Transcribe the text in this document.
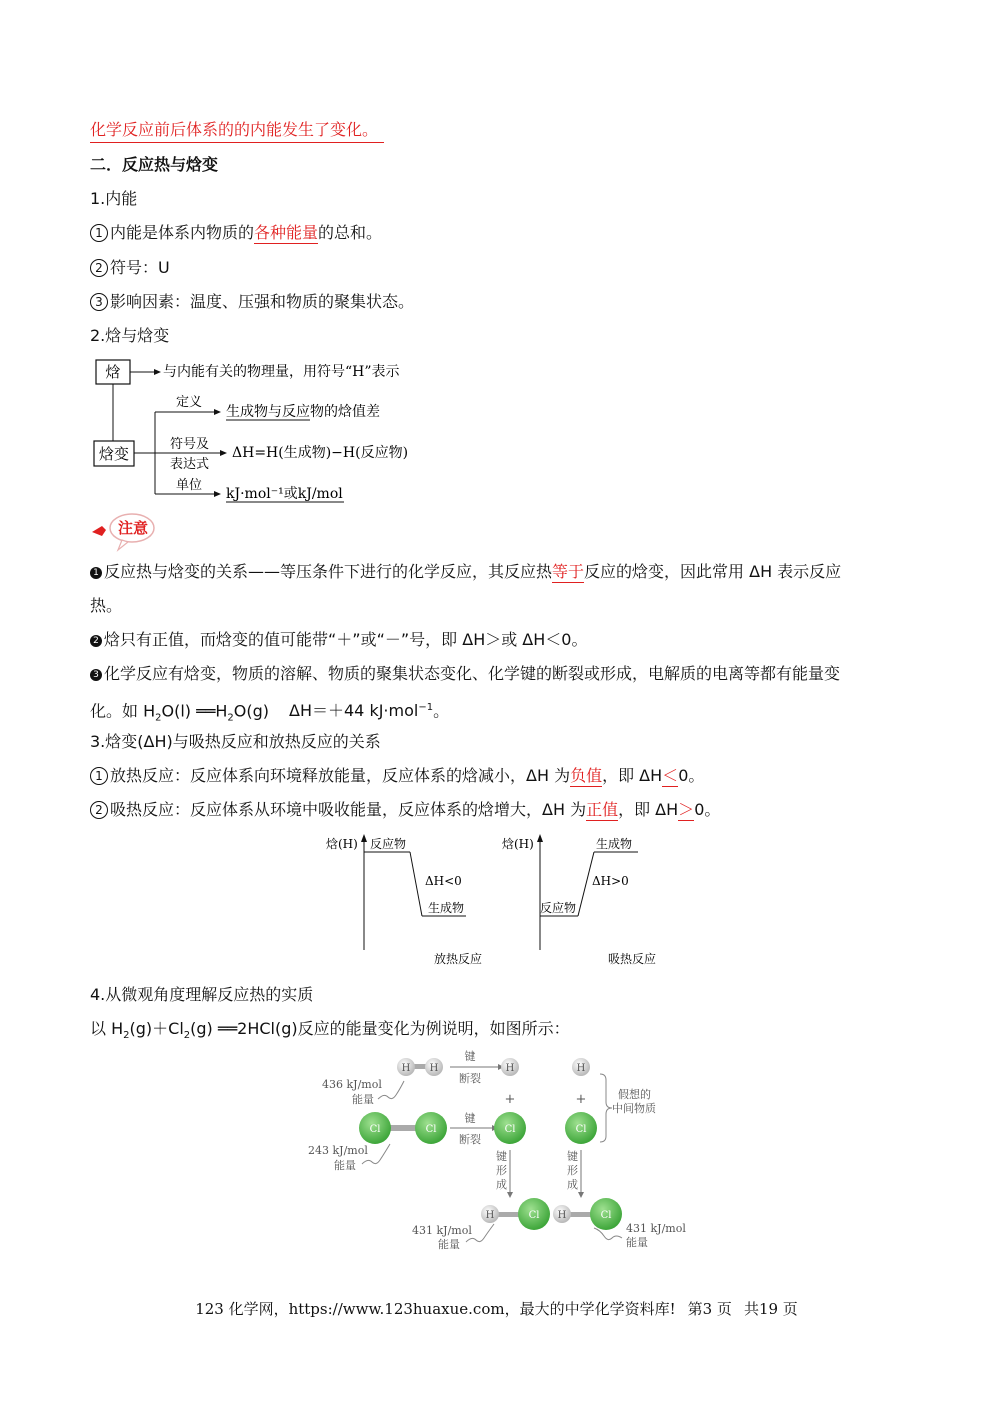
化学反应前后体系的的内能发生了变化。
二．反应热与焓变
1.内能
1 内能是体系内物质的各种能量的总和。
2 符号：U
3 影响因素：温度、压强和物质的聚集状态。
2.焓与焓变
焓	与内能有关的物理量，用符号“H”表示
焓变
定义
生成物与反应物的焓值差
符号及
表达式
ΔH=H(生成物)−H(反应物)
单位
kJ·mol⁻¹或kJ/mol
注意
1 反应热与焓变的关系——等压条件下进行的化学反应，其反应热等于反应的焓变，因此常用 ΔH 表示反应
热。
2 焓只有正值，而焓变的值可能带“＋”或“－”号，即 ΔH＞或 ΔH＜0。
3 化学反应有焓变，物质的溶解、物质的聚集状态变化、化学键的断裂或形成，电解质的电离等都有能量变
化。如 $H_2O(l)$ $══H_2O(g)$ ΔH＝＋44 kJ·mol$^{-1}$。
3.焓变(ΔH)与吸热反应和放热反应的关系
1 放热反应：反应体系向环境释放能量，反应体系的焓减小，ΔH 为负值，即 ΔH＜0。
2 吸热反应：反应体系从环境中吸收能量，反应体系的焓增大，ΔH 为正值，即 ΔH＞0。
焓(H) 反应物
ΔH<0
生成物
放热反应
焓(H)
反应物
生成物
ΔH>0
吸热反应
4.从微观角度理解反应热的实质
以 $H_2(g)+Cl_2(g)$ ══2HCl(g)反应的能量变化为例说明，如图所示：
H H
键
断裂
H	H
+	+
436 kJ/mol
能量	假想的
中间物质
Cl	Cl
键
断裂
Cl	Cl
243 kJ/mol
能量
键
形
成
键
形
成
H	Cl H	Cl
431 kJ/mol
能量
431 kJ/mol
能量
123 化学网，https://www.123huaxue.com，最大的中学化学资料库! 第3 页 共19 页
